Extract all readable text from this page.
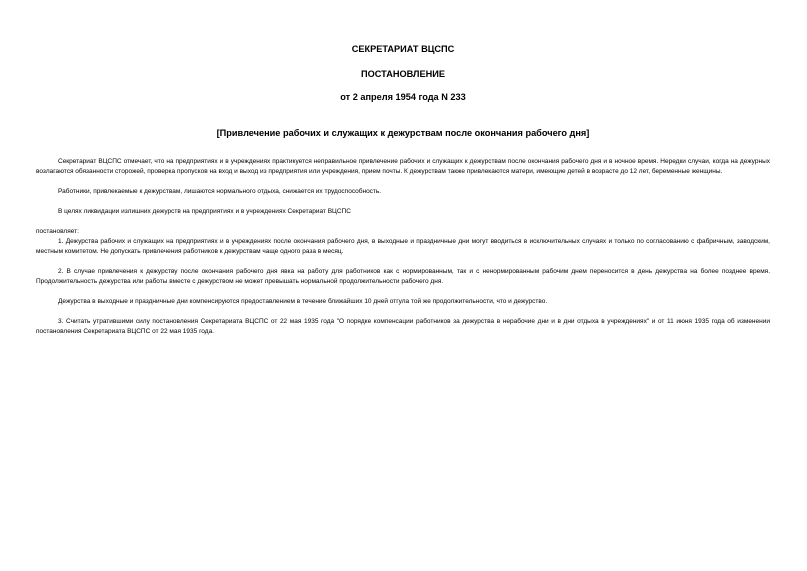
СЕКРЕТАРИАТ ВЦСПС
ПОСТАНОВЛЕНИЕ
от 2 апреля 1954 года N 233
[Привлечение рабочих и служащих к дежурствам после окончания рабочего дня]

Секретариат ВЦСПС отмечает, что на предприятиях и в учреждениях практикуется неправильное привлечение рабочих и служащих к дежурствам после окончания рабочего дня и в ночное время. Нередки случаи, когда на дежурных возлагаются обязанности сторожей, проверка пропусков на вход и выход из предприятия или учреждения, прием почты. К дежурствам также привлекаются матери, имеющие детей в возрасте до 12 лет, беременные женщины.

Работники, привлекаемые к дежурствам, лишаются нормального отдыха, снижается их трудоспособность.

В целях ликвидации излишних дежурств на предприятиях и в учреждениях Секретариат ВЦСПС

постановляет:

1. Дежурства рабочих и служащих на предприятиях и в учреждениях после окончания рабочего дня, в выходные и праздничные дни могут вводиться в исключительных случаях и только по согласованию с фабричным, заводским, местным комитетом. Не допускать привлечения работников к дежурствам чаще одного раза в месяц.

2. В случае привлечения к дежурству после окончания рабочего дня явка на работу для работников как с нормированным, так и с ненормированным рабочим днем переносится в день дежурства на более позднее время. Продолжительность дежурства или работы вместе с дежурством не может превышать нормальной продолжительности рабочего дня.

Дежурства в выходные и праздничные дни компенсируются предоставлением в течение ближайших 10 дней отгула той же продолжительности, что и дежурство.

3. Считать утратившими силу постановления Секретариата ВЦСПС от 22 мая 1935 года "О порядке компенсации работников за дежурства в нерабочие дни и в дни отдыха в учреждениях" и от 11 июня 1935 года об изменении постановления Секретариата ВЦСПС от 22 мая 1935 года.
